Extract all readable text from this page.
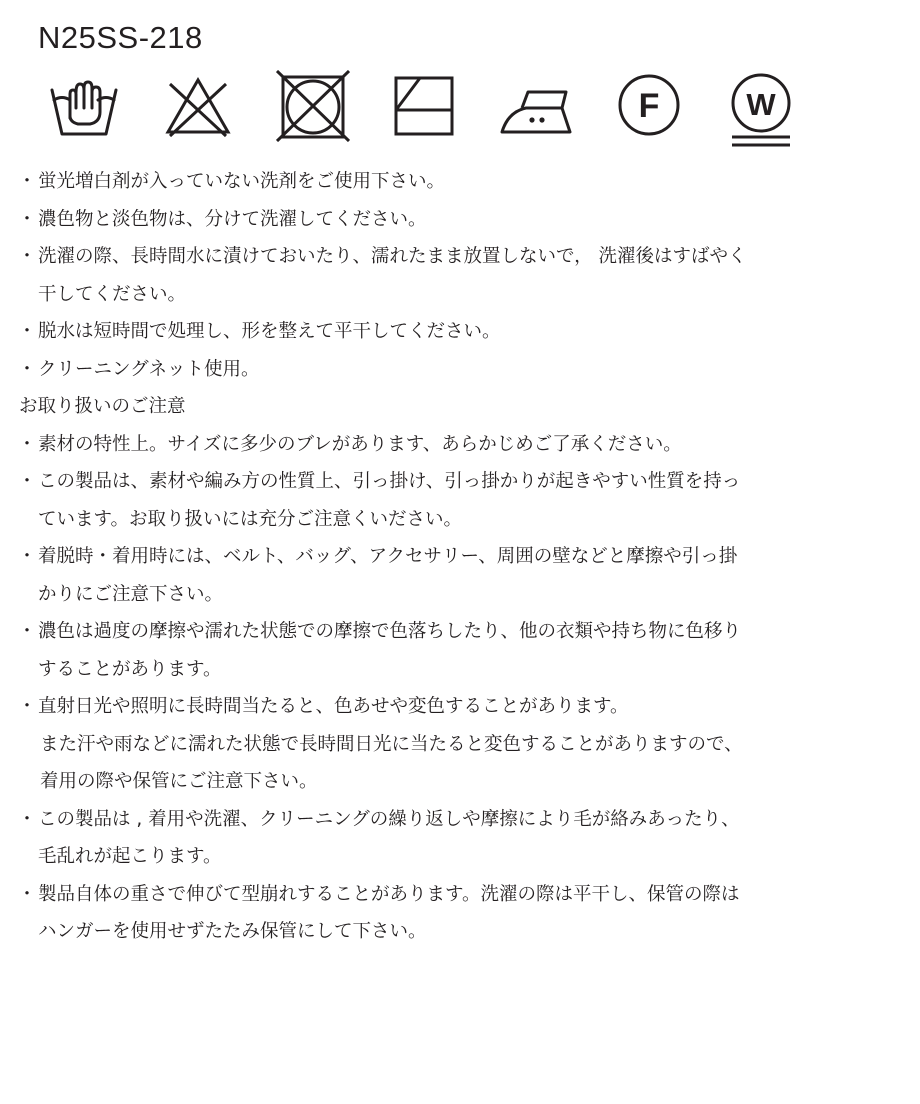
N25SS-218
F	W
・蛍光増白剤が入っていない洗剤をご使用下さい。
・濃色物と淡色物は、分けて洗濯してください。
・洗濯の際、長時間水に漬けておいたり、濡れたまま放置しないで， 洗濯後はすばやく
干してください。
・脱水は短時間で処理し、形を整えて平干してください。
・クリーニングネット使用。
お取り扱いのご注意
・素材の特性上。サイズに多少のブレがあります、あらかじめご了承ください。
・この製品は、素材や編み方の性質上、引っ掛け、引っ掛かりが起きやすい性質を持っ
ています。お取り扱いには充分ご注意くいださい。
・着脱時・着用時には、ベルト、バッグ、アクセサリー、周囲の壁などと摩擦や引っ掛
かりにご注意下さい。
・濃色は過度の摩擦や濡れた状態での摩擦で色落ちしたり、他の衣類や持ち物に色移り
することがあります。
・直射日光や照明に長時間当たると、色あせや変色することがあります。
また汗や雨などに濡れた状態で長時間日光に当たると変色することがありますので、
着用の際や保管にご注意下さい。
・この製品は , 着用や洗濯、クリーニングの繰り返しや摩擦により毛が絡みあったり、
毛乱れが起こります。
・製品自体の重さで伸びて型崩れすることがあります。洗濯の際は平干し、保管の際は
ハンガーを使用せずたたみ保管にして下さい。
